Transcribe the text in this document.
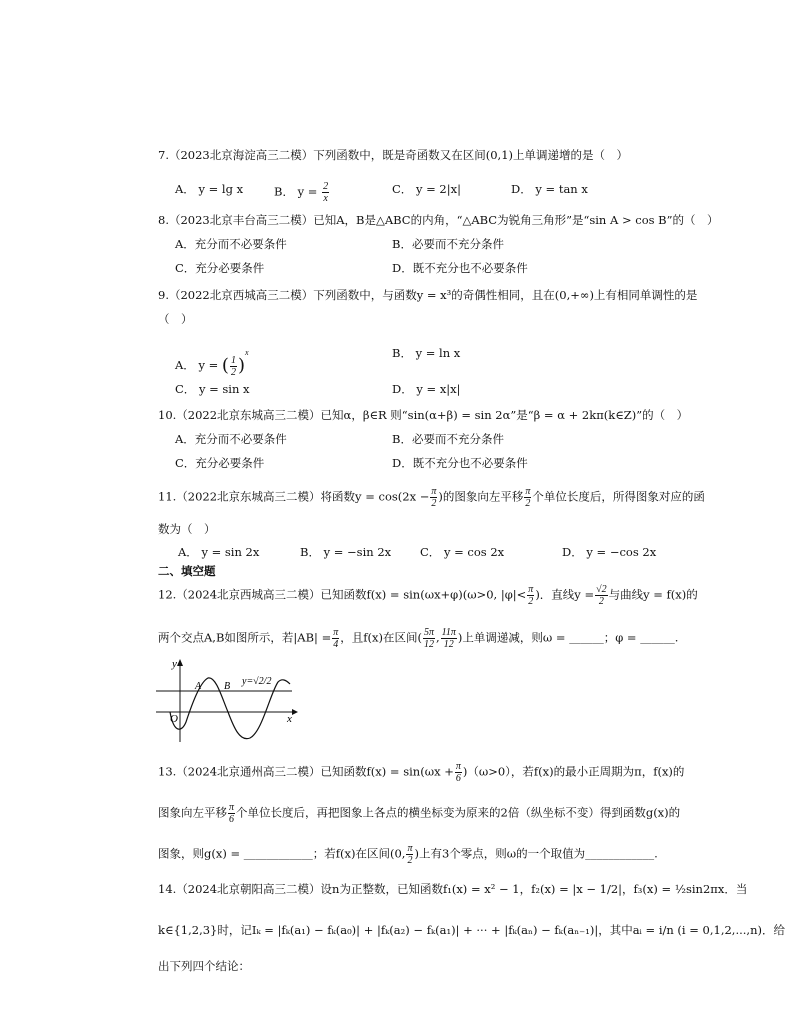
7.（2023北京海淀高三二模）下列函数中，既是奇函数又在区间(0,1)上单调递增的是（　）
A． y = lg x	B． $y = \frac{2}{x}$	C． y = 2|x|	D． y = tan x
8.（2023北京丰台高三二模）已知A，B是△ABC的内角，“△ABC为锐角三角形”是“sin A > cos B”的（　）
A．充分而不必要条件	B．必要而不充分条件
C．充分必要条件	D．既不充分也不必要条件
9.（2022北京西城高三二模）下列函数中，与函数y = x³的奇偶性相同，且在(0,+∞)上有相同单调性的是
（　）
A． y = ( $\frac{1}{2} )^x$	B． y = ln x
C． y = sin x	D． y = x|x|
10.（2022北京东城高三二模）已知α，β∈R 则“sin(α+β) = sin 2α”是“β = α + 2kπ(k∈Z)”的（　）
A．充分而不必要条件	B．必要而不充分条件
C．充分必要条件	D．既不充分也不必要条件
11.（2022北京东城高三二模）将函数$y = \cos(2x - \frac{\pi}{2}$ )的图象向左平移 $\frac{\pi}{2}$ 个单位长度后，所得图象对应的函
数为（　）
A． y = sin 2x	B． y = −sin 2x	C． y = cos 2x	D． y = −cos 2x
二、填空题
12.（2024北京西城高三二模）已知函数f(x) = sin(ωx+φ)(ω>0, $|\varphi|< \frac{\pi}{2}$ )．直线$y = \frac{√2}{2}$ 与曲线y = f(x)的
两个交点A,B如图所示，若$|AB| = \frac{\pi}{4}$ ，且f(x)在区间( $\frac{5\pi}{12}$ , $\frac{11\pi}{12}$ )上单调递减，则ω = ______；φ = ______.
y
x
O
A B y=√2/2
13.（2024北京通州高三二模）已知函数$f(x) = \sin(\omega x + \frac{\pi}{6} )(\omega>0)$，若f(x)的最小正周期为π，f(x)的
图象向左平移 $\frac{\pi}{6}$ 个单位长度后，再把图象上各点的横坐标变为原来的2倍（纵坐标不变）得到函数g(x)的
图象，则g(x) = ____________；若f(x)在区间(0, $\frac{\pi}{2}$ )上有3个零点，则ω的一个取值为____________.
14.（2024北京朝阳高三二模）设n为正整数，已知函数f₁(x) = x² − 1，f₂(x) = |x − 1/2|，f₃(x) = ½sin2πx．当
k∈{1,2,3}时，记Iₖ = |fₖ(a₁) − fₖ(a₀)| + |fₖ(a₂) − fₖ(a₁)| + ··· + |fₖ(aₙ) − fₖ(aₙ₋₁)|，其中aᵢ = i/n (i = 0,1,2,...,n)．给
出下列四个结论：
